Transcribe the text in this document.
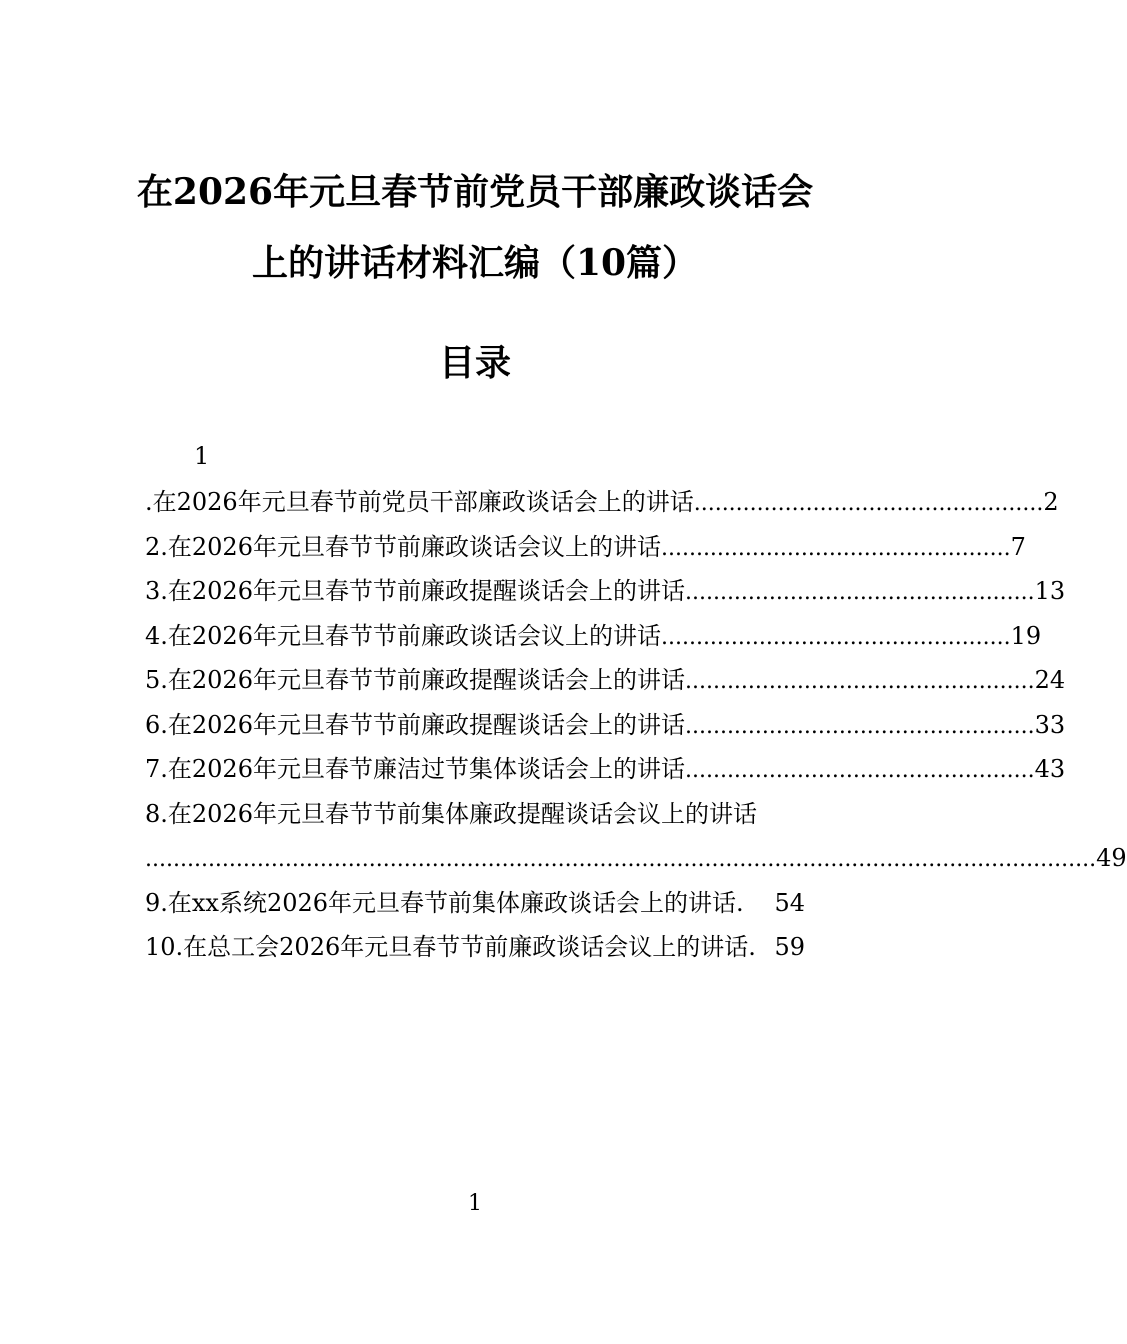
在2026年元旦春节前党员干部廉政谈话会
上的讲话材料汇编（10篇）
目录
1
.在2026年元旦春节前党员干部廉政谈话会上的讲话 .................................................. 2
2.在2026年元旦春节节前廉政谈话会议上的讲话 .................................................. 7
3.在2026年元旦春节节前廉政提醒谈话会上的讲话 .................................................. 13
4.在2026年元旦春节节前廉政谈话会议上的讲话 .................................................. 19
5.在2026年元旦春节节前廉政提醒谈话会上的讲话 .................................................. 24
6.在2026年元旦春节节前廉政提醒谈话会上的讲话 .................................................. 33
7.在2026年元旦春节廉洁过节集体谈话会上的讲话 .................................................. 43
8.在2026年元旦春节节前集体廉政提醒谈话会议上的讲话
........................................................................................................................................ 49
9.在xx系统2026年元旦春节前集体廉政谈话会上的讲话. 54
10.在总工会2026年元旦春节节前廉政谈话会议上的讲话. 59
1
